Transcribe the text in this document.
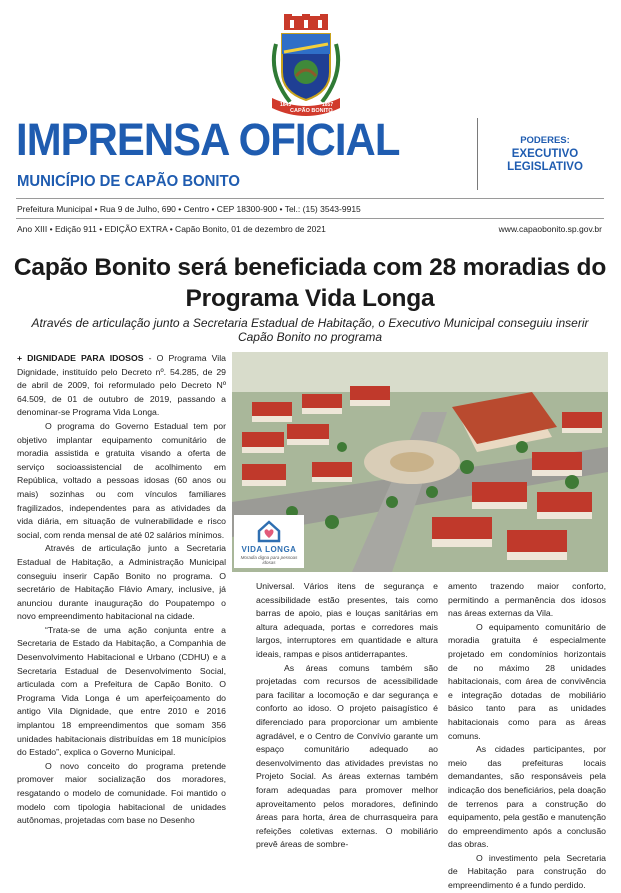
1843
CAPÃO BONITO
1857
IMPRENSA OFICIAL
MUNICÍPIO DE CAPÃO BONITO
PODERES:
EXECUTIVO
LEGISLATIVO
Prefeitura Municipal • Rua 9 de Julho, 690 • Centro • CEP 18300-900 • Tel.: (15) 3543-9915
Ano XIII • Edição 911 • EDIÇÃO EXTRA • Capão Bonito, 01 de dezembro de 2021	www.capaobonito.sp.gov.br
Capão Bonito será beneficiada com 28 moradias do Programa Vida Longa
Através de articulação junto a Secretaria Estadual de Habitação, o Executivo Municipal conseguiu inserir Capão Bonito no programa

+ DIGNIDADE PARA IDOSOS - O Programa Vila Dignidade, instituído pelo Decreto nº. 54.285, de 29 de abril de 2009, foi reformulado pelo Decreto Nº 64.509, de 01 de outubro de 2019, passando a denominar-se Programa Vida Longa.

O programa do Governo Estadual tem por objetivo implantar equipamento comunitário de moradia assistida e gratuita visando a oferta de serviço socioassistencial de acolhimento em República, voltado a pessoas idosas (60 anos ou mais) sozinhas ou com vínculos familiares fragilizados, independentes para as atividades da vida diária, em situação de vulnerabilidade e risco social, com renda mensal de até 02 salários mínimos.

Através de articulação junto a Secretaria Estadual de Habitação, a Administração Municipal conseguiu inserir Capão Bonito no programa. O secretário de Habitação Flávio Amary, inclusive, já anunciou durante inauguração do Poupatempo o novo empreendimento habitacional na cidade.

“Trata-se de uma ação conjunta entre a Secretaria de Estado da Habitação, a Companhia de Desenvolvimento Habitacional e Urbano (CDHU) e a Secretaria Estadual de Desenvolvimento Social, articulada com a Prefeitura de Capão Bonito. O Programa Vida Longa é um aperfeiçoamento do antigo Vila Dignidade, que entre 2010 e 2016 implantou 18 empreendimentos que somam 356 unidades habitacionais distribuídas em 18 municípios do Estado”, explica o Governo Municipal.

O novo conceito do programa pretende promover maior socialização dos moradores, resgatando o modelo de comunidade. Foi mantido o modelo com tipologia habitacional de unidades autônomas, projetadas com base no Desenho

VIDA LONGA
Moradia digna para pessoas idosas

Universal. Vários itens de segurança e acessibilidade estão presentes, tais como barras de apoio, pias e louças sanitárias em altura adequada, portas e corredores mais largos, interruptores em quantidade e altura ideais, rampas e pisos antiderrapantes.

As áreas comuns também são projetadas com recursos de acessibilidade para facilitar a locomoção e dar segurança e conforto ao idoso. O projeto paisagístico é diferenciado para proporcionar um ambiente agradável, e o Centro de Convívio garante um espaço comunitário adequado ao desenvolvimento das atividades previstas no Projeto Social. As áreas externas também foram adequadas para promover melhor aproveitamento pelos moradores, definindo áreas para horta, área de churrasqueira para refeições coletivas externas. O mobiliário prevê áreas de sombre-

amento trazendo maior conforto, permitindo a permanência dos idosos nas áreas externas da Vila.

O equipamento comunitário de moradia gratuita é especialmente projetado em condomínios horizontais de no máximo 28 unidades habitacionais, com área de convivência e integração dotadas de mobiliário básico tanto para as unidades habitacionais como para as áreas comuns.

As cidades participantes, por meio das prefeituras locais demandantes, são responsáveis pela indicação dos beneficiários, pela doação de terrenos para a construção do equipamento, pela gestão e manutenção do empreendimento após a conclusão das obras.

O investimento pela Secretaria de Habitação para construção do empreendimento é a fundo perdido.
